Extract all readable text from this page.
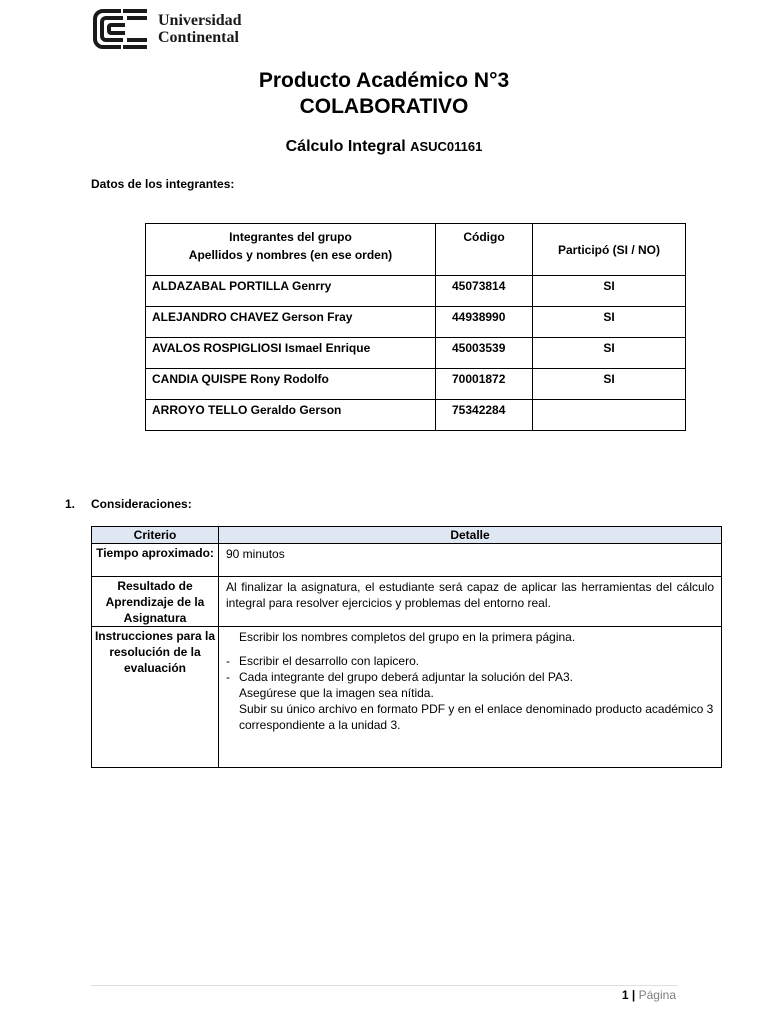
Universidad
Continental
Producto Académico N°3
COLABORATIVO
Cálculo Integral ASUC01161
Datos de los integrantes:
Integrantes del grupo
Apellidos y nombres (en ese orden)	Código	Participó (SI / NO)
ALDAZABAL PORTILLA Genrry	45073814	SI
ALEJANDRO CHAVEZ Gerson Fray	44938990	SI
AVALOS ROSPIGLIOSI Ismael Enrique	45003539	SI
CANDIA QUISPE Rony Rodolfo	70001872	SI
ARROYO TELLO Geraldo Gerson	75342284	
1. Consideraciones:
Criterio	Detalle
Tiempo aproximado:	90 minutos
Resultado de Aprendizaje de la Asignatura	Al finalizar la asignatura, el estudiante será capaz de aplicar las herramientas del cálculo integral para resolver ejercicios y problemas del entorno real.
Instrucciones para la resolución de la evaluación	Escribir los nombres completos del grupo en la primera página.
- Escribir el desarrollo con lapicero.
- Cada integrante del grupo deberá adjuntar la solución del PA3.
Asegúrese que la imagen sea nítida.
Subir su único archivo en formato PDF y en el enlace denominado producto académico 3 correspondiente a la unidad 3.
1 | Página
